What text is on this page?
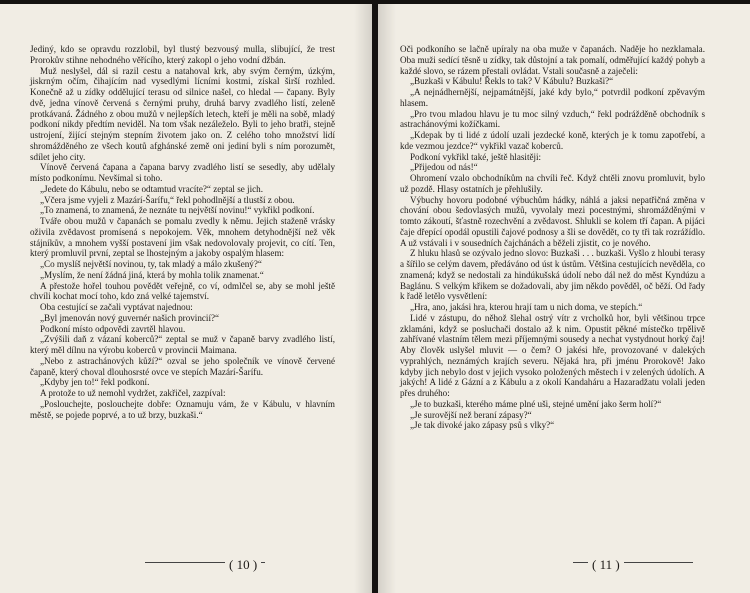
Jediný, kdo se opravdu rozzlobil, byl tlustý bezvousý mulla, slibující, že trest Prorokův stihne nehodného věřícího, který zakopl o jeho vodní džbán.

Muž neslyšel, dál si razil cestu a natahoval krk, aby svým černým, úzkým, jiskrným očím, čihajícím nad vysedlými lícními kostmi, získal širší rozhled. Konečně až u zídky oddělující terasu od silnice našel, co hledal — čapany. Byly dvě, jedna vínově červená s černými pruhy, druhá barvy zvadlého listí, zeleně protkávaná. Žádného z obou mužů v nejlepších letech, kteří je měli na sobě, mladý podkoní nikdy předtím neviděl. Na tom však nezáleželo. Byli to jeho bratři, stejně ustrojení, žijící stejným stepním životem jako on. Z celého toho množství lidí shromážděného ze všech koutů afghánské země oni jediní byli s ním porozumět, sdílet jeho city.

Vínově červená čapana a čapana barvy zvadlého listí se sesedly, aby udělaly místo podkonímu. Nevšímal si toho.

„Jedete do Kábulu, nebo se odtamtud vracíte?“ zeptal se jich.

„Včera jsme vyjeli z Mazárí-Šarífu,“ řekl pohodlnější a tlustší z obou.

„To znamená, to znamená, že neznáte tu největší novinu!“ vykřikl podkoní.

Tváře obou mužů v čapanách se pomalu zvedly k němu. Jejich staženě vrásky oživila zvědavost promísená s nepokojem. Věk, mnohem detyhodnější než věk stájníkův, a mnohem vyšší postavení jim však nedovolovaly projevit, co cítí. Ten, který promluvil první, zeptal se lhostejným a jakoby ospalým hlasem:

„Co myslíš největší novinou, ty, tak mladý a málo zkušený?“

„Myslím, že není žádná jiná, která by mohla tolik znamenat.“

A přestože hořel touhou povědět veřejně, co ví, odmlčel se, aby se mohl ještě chvíli kochat mocí toho, kdo zná velké tajemství.

Oba cestující se začali vyptávat najednou:

„Byl jmenován nový guvernér našich provincií?“

Podkoní místo odpovědi zavrtěl hlavou.

„Zvýšili daň z vázaní koberců?“ zeptal se muž v čapaně barvy zvadlého listí, který měl dílnu na výrobu koberců v provincii Maimana.

„Nebo z astrachánových kůží?“ ozval se jeho společník ve vínově červené čapaně, který choval dlouhosrsté ovce ve stepích Mazárí-Šarífu.

„Kdyby jen to!“ řekl podkoní.

A protože to už nemohl vydržet, zakřičel, zazpíval:

„Poslouchejte, poslouchejte dobře: Oznamuju vám, že v Kábulu, v hlavním městě, se pojede poprvé, a to už brzy, buzkaši.“

( 10 )

Oči podkoního se lačně upíraly na oba muže v čapanách. Naděje ho nezklamala. Oba muži sedící těsně u zídky, tak důstojní a tak pomalí, odměřující každý pohyb a každé slovo, se rázem přestali ovládat. Vstali současně a zaječeli:

„Buzkaši v Kábulu! Řekls to tak? V Kábulu? Buzkaši?“

„A nejnádhernější, nejpamátnější, jaké kdy bylo,“ potvrdil podkoní zpěvavým hlasem.

„Pro tvou mladou hlavu je tu moc silný vzduch,“ řekl podrážděně obchodník s astrachánovými kožíčkami.

„Kdepak by ti lidé z údolí uzali jezdecké koně, kterých je k tomu zapotřebí, a kde vezmou jezdce?“ vykřikl vazač koberců.

Podkoní vykřikl také, ještě hlasitěji:

„Přijedou od nás!“

Ohromení vzalo obchodníkům na chvíli řeč. Když chtěli znovu promluvit, bylo už pozdě. Hlasy ostatních je přehlušily.

Výbuchy hovoru podobné výbuchům hádky, náhlá a jaksi nepatřičná změna v chování obou šedovlasých mužů, vyvolaly mezi pocestnými, shromážděnými v tomto zákoutí, šťastně rozechvění a zvědavost. Shlukli se kolem tří čapan. A pijáci čaje dřepící opodál opustili čajové podnosy a šli se dovědět, co ty tři tak rozrážídlo. A už vstávali i v sousedních čajchánách a běželi zjistit, co je nového.

Z hluku hlasů se ozývalo jedno slovo: Buzkaši . . . buzkaši. Vyšlo z hloubi terasy a šířilo se celým davem, předáváno od úst k ústům. Většina cestujících nevěděla, co znamená; když se nedostali za hindúkušská údolí nebo dál než do měst Kyndúzu a Baglánu. S velkým křikem se dožadovali, aby jim někdo pověděl, oč běží. Od řady k řadě letělo vysvětlení:

„Hra, ano, jakási hra, kterou hrají tam u nich doma, ve stepích.“

Lidé v zástupu, do něhož šlehal ostrý vítr z vrcholků hor, byli většinou trpce zklamáni, když se posluchači dostalo až k nim. Opustit pěkné místečko trpělivě zahřívané vlastním tělem mezi příjemnými sousedy a nechat vystydnout horký čaj! Aby člověk uslyšel mluvit — o čem? O jakési hře, provozované v dalekých vyprahlých, neznámých krajích severu. Nějaká hra, při jménu Prorokově! Jako kdyby jich nebylo dost v jejich vysoko položených městech i v zelených údolích. A jakých! A lidé z Gázní a z Kábulu a z okolí Kandaháru a Hazaradžatu volali jeden přes druhého:

„Je to buzkaši, kterého máme plné uši, stejné umění jako šerm holí?“

„Je surovější než beraní zápasy?“

„Je tak divoké jako zápasy psů s vlky?“

( 11 )
